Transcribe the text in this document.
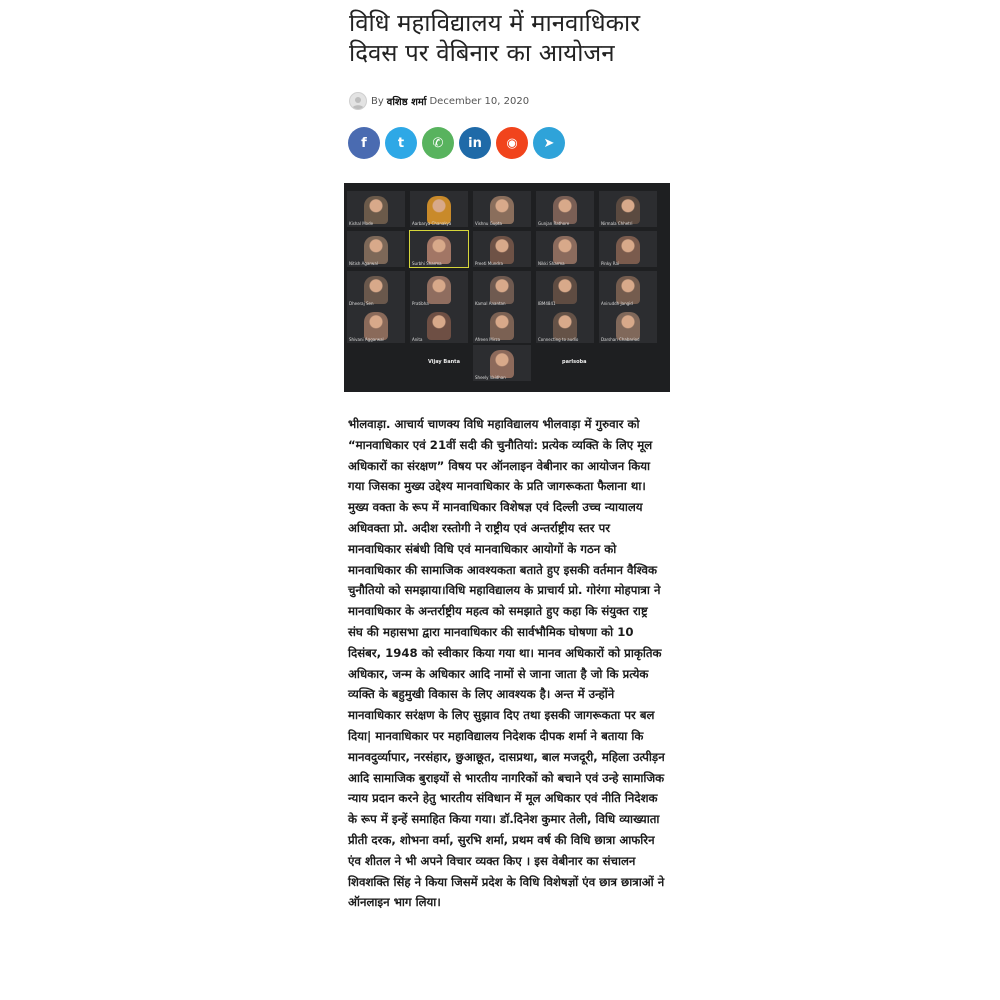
विधि महाविद्यालय में मानवाधिकार दिवस पर वेबिनार का आयोजन
By वशिष्ठ शर्मा December 10, 2020
f t ✆ in ◉ ➤
Kishal Mode	Aarbarya Chanakya	Vishnu Gupta	Gunjan Rathore	Nirmala Chhetri
Nitish Agarwal	Surbhi Sharma	Preeti Mundra	Nikki Sharma	Pinky Rai
Dheeraj Sen	Pratibha	Kamal Anantan	IBM4841	Aniruddh Jangid
Shivani Aggarwal	Anita	Afreen Mirza	Connecting to audio	Darshan Chabariod
Sheely Vaidhan
Vijay Banta	parlsoba

भीलवाड़ा. आचार्य चाणक्य विधि महाविद्यालय भीलवाड़ा में गुरुवार को “मानवाधिकार एवं 21वीं सदी की चुनौतियां: प्रत्येक व्यक्ति के लिए मूल अधिकारों का संरक्षण” विषय पर ऑनलाइन वेबीनार का आयोजन किया गया जिसका मुख्य उद्देश्य मानवाधिकार के प्रति जागरूकता फैलाना था।मुख्य वक्ता के रूप में मानवाधिकार विशेषज्ञ एवं दिल्ली उच्च न्यायालय अधिवक्ता प्रो. अदीश रस्तोगी ने राष्ट्रीय एवं अन्तर्राष्ट्रीय स्तर पर मानवाधिकार संबंधी विधि एवं मानवाधिकार आयोगों के गठन को मानवाधिकार की सामाजिक आवश्यकता बताते हुए इसकी वर्तमान वैश्विक चुनौतियो को समझाया।विधि महाविद्यालय के प्राचार्य प्रो. गोरंगा मोहपात्रा ने मानवाधिकार के अन्तर्राष्ट्रीय महत्व को समझाते हुए कहा कि संयुक्त राष्ट्र संघ की महासभा द्वारा मानवाधिकार की सार्वभौमिक घोषणा को 10 दिसंबर, 1948 को स्वीकार किया गया था। मानव अधिकारों को प्राकृतिक अधिकार, जन्म के अधिकार आदि नामों से जाना जाता है जो कि प्रत्येक व्यक्ति के बहुमुखी विकास के लिए आवश्यक है। अन्त में उन्होंने मानवाधिकार सरंक्षण के लिए सुझाव दिए तथा इसकी जागरूकता पर बल दिया| मानवाधिकार पर महाविद्यालय निदेशक दीपक शर्मा ने बताया कि मानवदुर्व्यापार, नरसंहार, छुआछूत, दासप्रथा, बाल मजदूरी, महिला उत्पीड़न आदि सामाजिक बुराइयों से भारतीय नागरिकों को बचाने एवं उन्हे सामाजिक न्याय प्रदान करने हेतु भारतीय संविधान में मूल अधिकार एवं नीति निदेशक के रूप में इन्हें समाहित किया गया। डॉ.दिनेश कुमार तेली, विधि व्याख्याता प्रीती दरक, शोभना वर्मा, सुरभि शर्मा, प्रथम वर्ष की विधि छात्रा आफरिन एंव शीतल ने भी अपने विचार व्यक्त किए । इस वेबीनार का संचालन शिवशक्ति सिंह ने किया जिसमें प्रदेश के विधि विशेषज्ञों एंव छात्र छात्राओं ने ऑनलाइन भाग लिया।
